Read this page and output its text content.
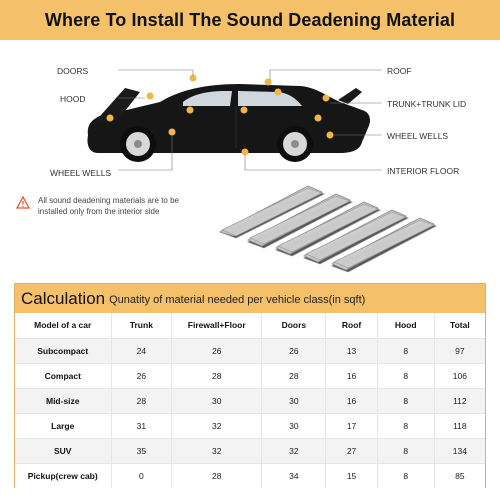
Where To Install The Sound Deadening Material
DOORS
HOOD
WHEEL WELLS
ROOF
TRUNK+TRUNK LID
WHEEL WELLS
INTERIOR FLOOR
All sound deadening materials are to be installed only from the interior side
Calculation Qunatity of material needed per vehicle class(in sqft)
Model of a car	Trunk	Firewall+Floor	Doors	Roof	Hood	Total
Subcompact	24	26	26	13	8	97
Compact	26	28	28	16	8	106
Mid-size	28	30	30	16	8	112
Large	31	32	30	17	8	118
SUV	35	32	32	27	8	134
Pickup(crew cab)	0	28	34	15	8	85
